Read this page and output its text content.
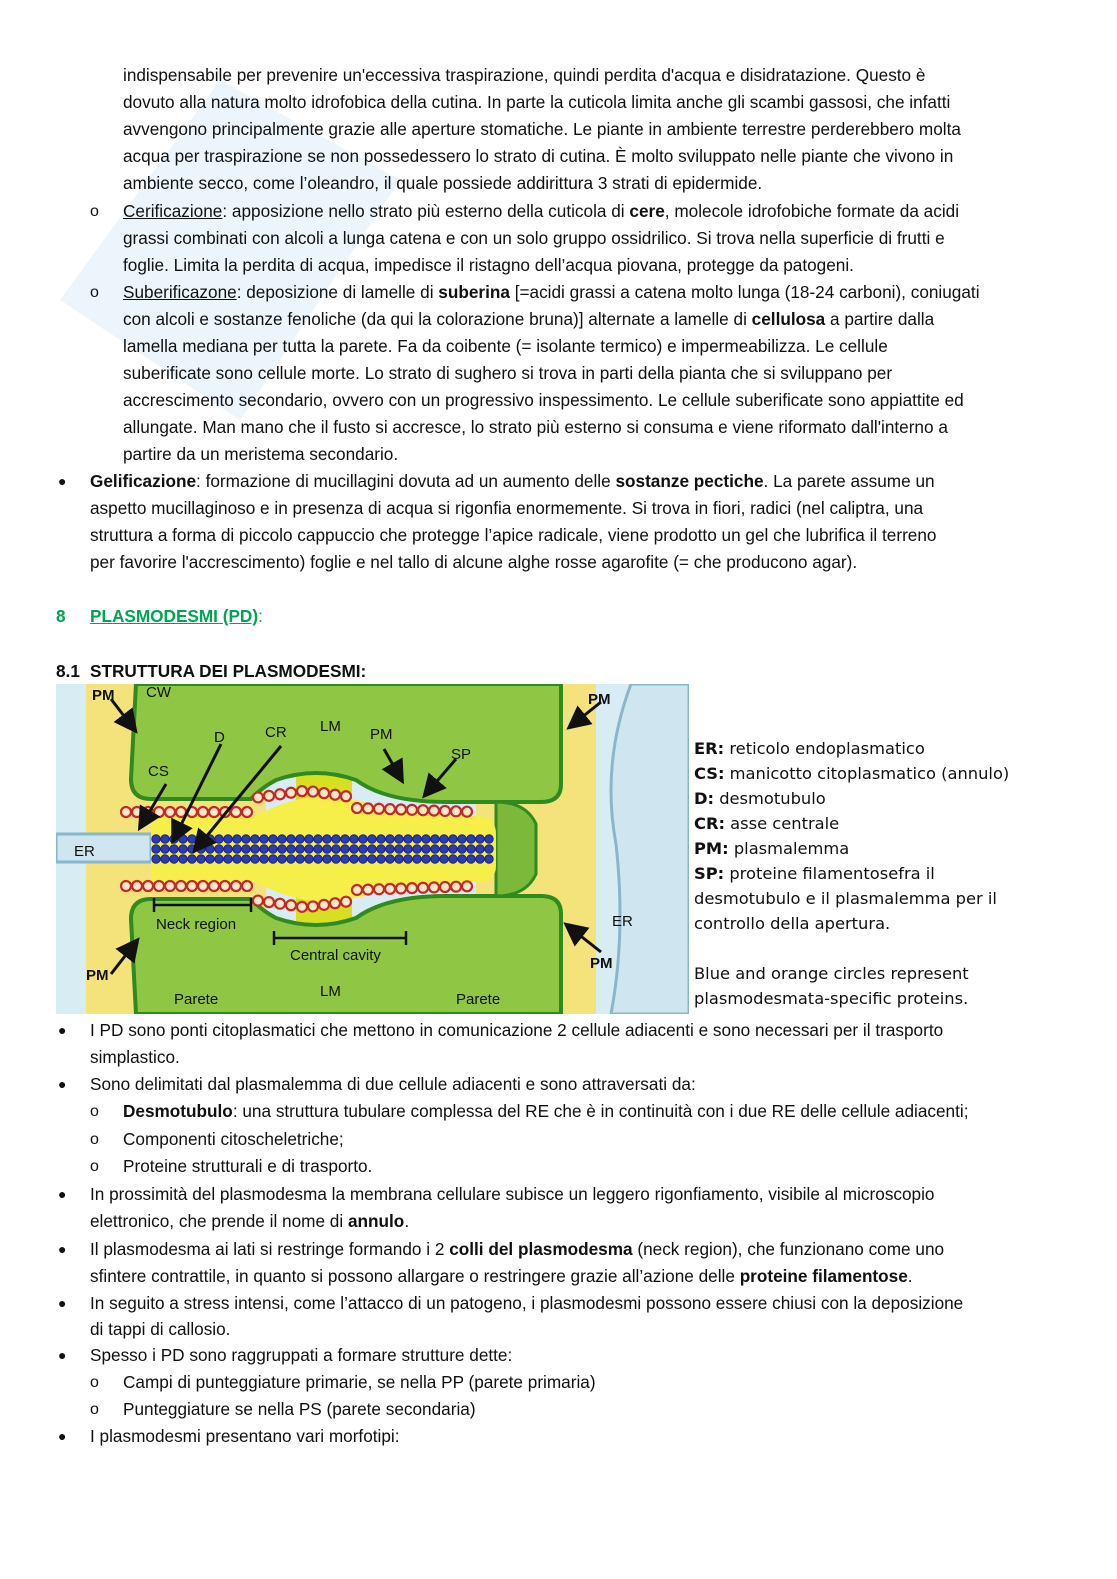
indispensabile per prevenire un'eccessiva traspirazione, quindi perdita d'acqua e disidratazione. Questo è
dovuto alla natura molto idrofobica della cutina. In parte la cuticola limita anche gli scambi gassosi, che infatti
avvengono principalmente grazie alle aperture stomatiche. Le piante in ambiente terrestre perderebbero molta
acqua per traspirazione se non possedessero lo strato di cutina. È molto sviluppato nelle piante che vivono in
ambiente secco, come l’oleandro, il quale possiede addirittura 3 strati di epidermide.
o Cerificazione: apposizione nello strato più esterno della cuticola di cere, molecole idrofobiche formate da acidi
grassi combinati con alcoli a lunga catena e con un solo gruppo ossidrilico. Si trova nella superficie di frutti e
foglie. Limita la perdita di acqua, impedisce il ristagno dell’acqua piovana, protegge da patogeni.
o Suberificazone: deposizione di lamelle di suberina [=acidi grassi a catena molto lunga (18-24 carboni), coniugati
con alcoli e sostanze fenoliche (da qui la colorazione bruna)] alternate a lamelle di cellulosa a partire dalla
lamella mediana per tutta la parete. Fa da coibente (= isolante termico) e impermeabilizza. Le cellule
suberificate sono cellule morte. Lo strato di sughero si trova in parti della pianta che si sviluppano per
accrescimento secondario, ovvero con un progressivo inspessimento. Le cellule suberificate sono appiattite ed
allungate. Man mano che il fusto si accresce, lo strato più esterno si consuma e viene riformato dall'interno a
partire da un meristema secondario.
● Gelificazione: formazione di mucillagini dovuta ad un aumento delle sostanze pectiche. La parete assume un
aspetto mucillaginoso e in presenza di acqua si rigonfia enormemente. Si trova in fiori, radici (nel caliptra, una
struttura a forma di piccolo cappuccio che protegge l’apice radicale, viene prodotto un gel che lubrifica il terreno
per favorire l'accrescimento) foglie e nel tallo di alcune alghe rosse agarofite (= che producono agar).
8 PLASMODESMI (PD):
8.1 STRUTTURA DEI PLASMODESMI:
PM CW
D	CR LM PM
SP
PM
CS
ER
Neck region
Central cavity
ER
PM
PM
Parete	LM	Parete
ER: reticolo endoplasmatico
CS: manicotto citoplasmatico (annulo)
D: desmotubulo
CR: asse centrale
PM: plasmalemma
SP: proteine filamentosefra il
desmotubulo e il plasmalemma per il
controllo della apertura.
Blue and orange circles represent
plasmodesmata-specific proteins.
● I PD sono ponti citoplasmatici che mettono in comunicazione 2 cellule adiacenti e sono necessari per il trasporto
simplastico.
● Sono delimitati dal plasmalemma di due cellule adiacenti e sono attraversati da:
o Desmotubulo: una struttura tubulare complessa del RE che è in continuità con i due RE delle cellule adiacenti;
o Componenti citoscheletriche;
o Proteine strutturali e di trasporto.
● In prossimità del plasmodesma la membrana cellulare subisce un leggero rigonfiamento, visibile al microscopio
elettronico, che prende il nome di annulo.
● Il plasmodesma ai lati si restringe formando i 2 colli del plasmodesma (neck region), che funzionano come uno
sfintere contrattile, in quanto si possono allargare o restringere grazie all’azione delle proteine filamentose.
● In seguito a stress intensi, come l’attacco di un patogeno, i plasmodesmi possono essere chiusi con la deposizione
di tappi di callosio.
● Spesso i PD sono raggruppati a formare strutture dette:
o Campi di punteggiature primarie, se nella PP (parete primaria)
o Punteggiature se nella PS (parete secondaria)
● I plasmodesmi presentano vari morfotipi:
